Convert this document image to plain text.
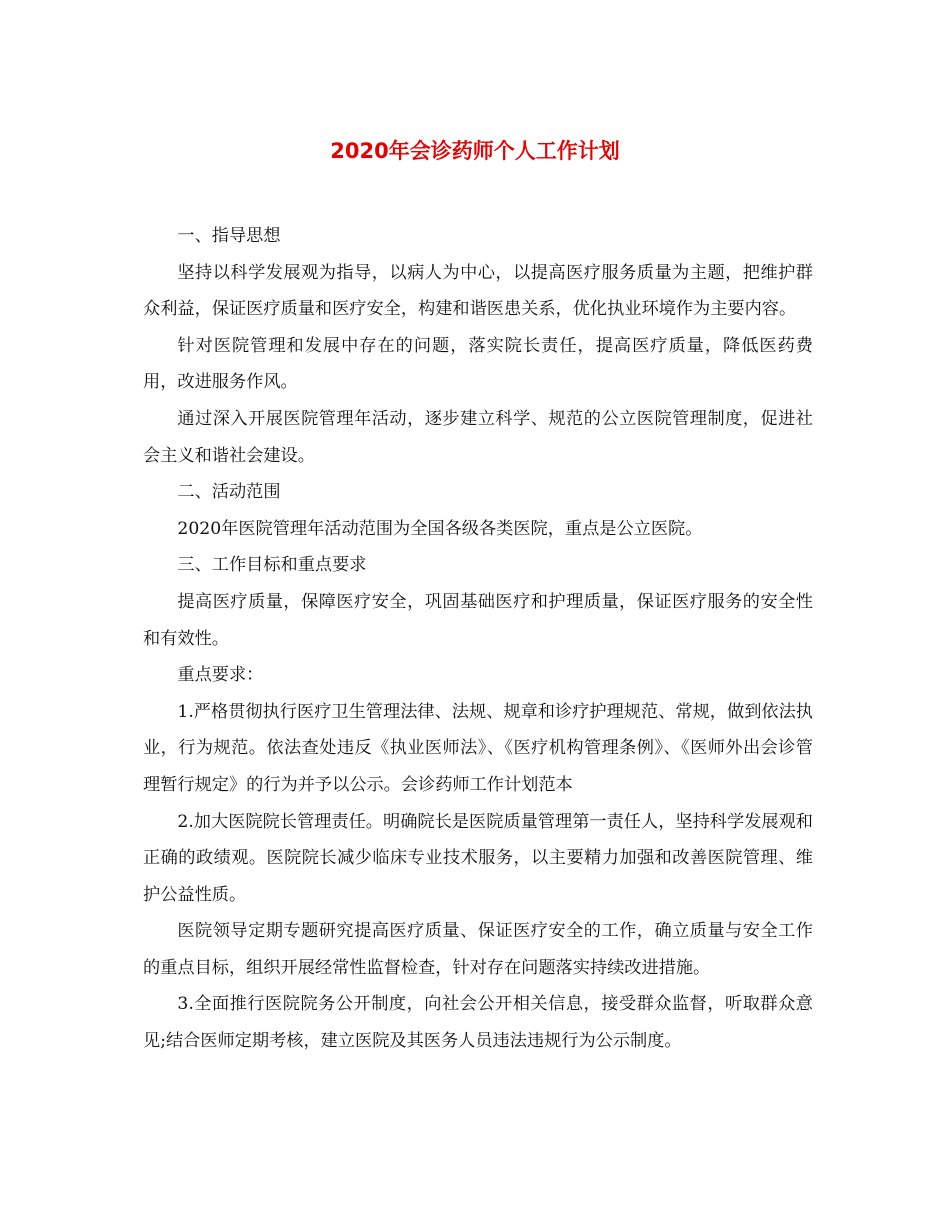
2020年会诊药师个人工作计划

一、指导思想

坚持以科学发展观为指导，以病人为中心，以提高医疗服务质量为主题，把维护群众利益，保证医疗质量和医疗安全，构建和谐医患关系，优化执业环境作为主要内容。

针对医院管理和发展中存在的问题，落实院长责任，提高医疗质量，降低医药费用，改进服务作风。

通过深入开展医院管理年活动，逐步建立科学、规范的公立医院管理制度，促进社会主义和谐社会建设。

二、活动范围

2020年医院管理年活动范围为全国各级各类医院，重点是公立医院。

三、工作目标和重点要求

提高医疗质量，保障医疗安全，巩固基础医疗和护理质量，保证医疗服务的安全性和有效性。

重点要求：

1.严格贯彻执行医疗卫生管理法律、法规、规章和诊疗护理规范、常规，做到依法执业，行为规范。依法查处违反《执业医师法》、《医疗机构管理条例》、《医师外出会诊管理暂行规定》的行为并予以公示。会诊药师工作计划范本

2.加大医院院长管理责任。明确院长是医院质量管理第一责任人，坚持科学发展观和正确的政绩观。医院院长减少临床专业技术服务，以主要精力加强和改善医院管理、维护公益性质。

医院领导定期专题研究提高医疗质量、保证医疗安全的工作，确立质量与安全工作的重点目标，组织开展经常性监督检查，针对存在问题落实持续改进措施。

3.全面推行医院院务公开制度，向社会公开相关信息，接受群众监督，听取群众意见;结合医师定期考核，建立医院及其医务人员违法违规行为公示制度。
